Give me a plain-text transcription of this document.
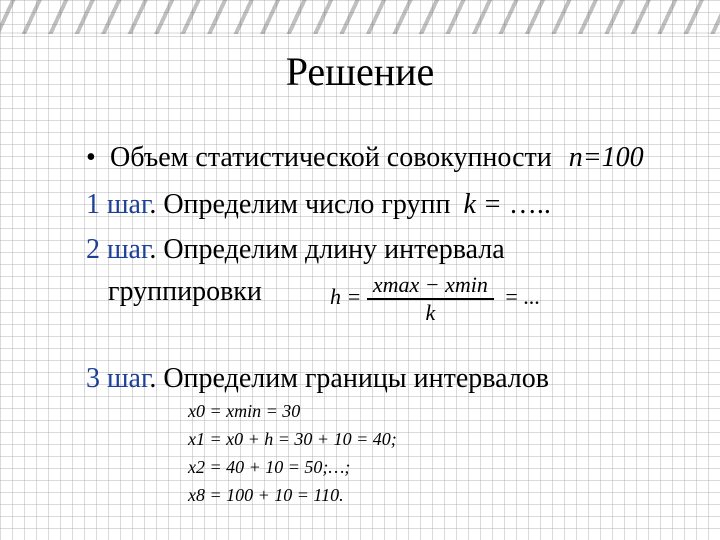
Решение
• Объем статистической совокупности n=100
1 шаг. Определим число групп k = …..
2 шаг. Определим длину интервала
группировки	$h = \frac{xmax - xmin}{k}$ = ...
3 шаг. Определим границы интервалов
x0 = xmin = 30
x1 = x0 + h = 30 + 10 = 40;
x2 = 40 + 10 = 50;…;
x8 = 100 + 10 = 110.
